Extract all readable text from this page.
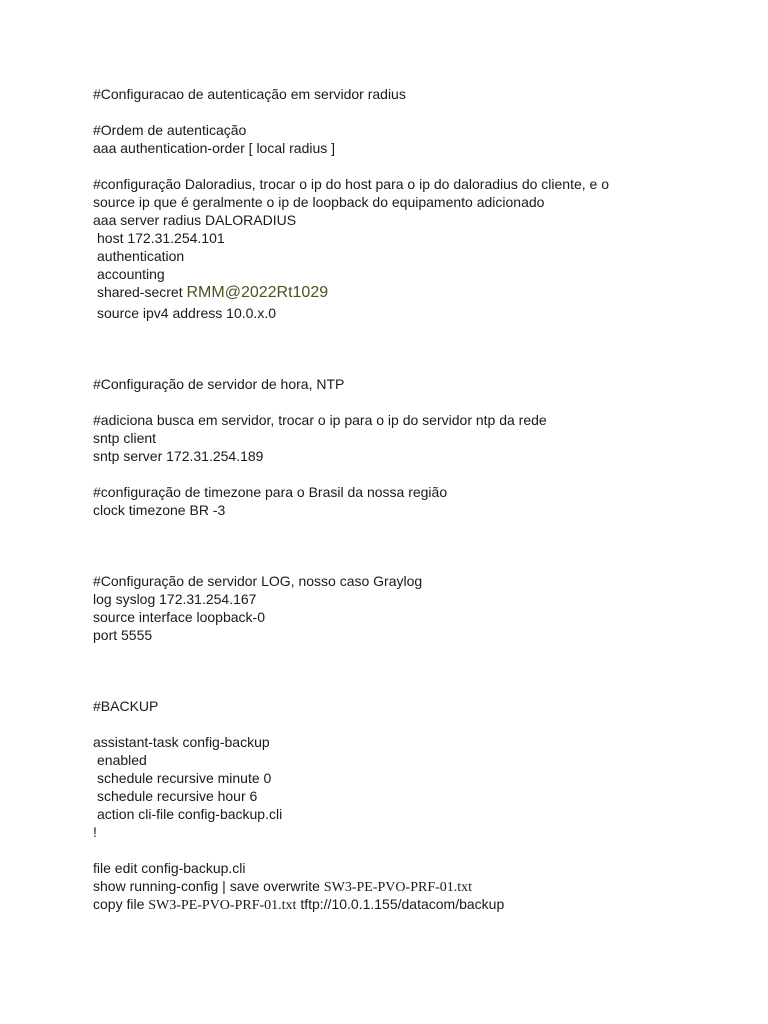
#Configuracao de autenticação em servidor radius
#Ordem de autenticação
aaa authentication-order [ local radius ]
#configuração Daloradius, trocar o ip do host para o ip do daloradius do cliente, e o
source ip que é geralmente o ip de loopback do equipamento adicionado
aaa server radius DALORADIUS
host 172.31.254.101
authentication
accounting
shared-secret RMM@2022Rt1029
source ipv4 address 10.0.x.0
#Configuração de servidor de hora, NTP
#adiciona busca em servidor, trocar o ip para o ip do servidor ntp da rede
sntp client
sntp server 172.31.254.189
#configuração de timezone para o Brasil da nossa região
clock timezone BR -3
#Configuração de servidor LOG, nosso caso Graylog
log syslog 172.31.254.167
source interface loopback-0
port 5555
#BACKUP
assistant-task config-backup
enabled
schedule recursive minute 0
schedule recursive hour 6
action cli-file config-backup.cli
!
file edit config-backup.cli
show running-config | save overwrite SW3-PE-PVO-PRF-01.txt
copy file SW3-PE-PVO-PRF-01.txt tftp://10.0.1.155/datacom/backup
